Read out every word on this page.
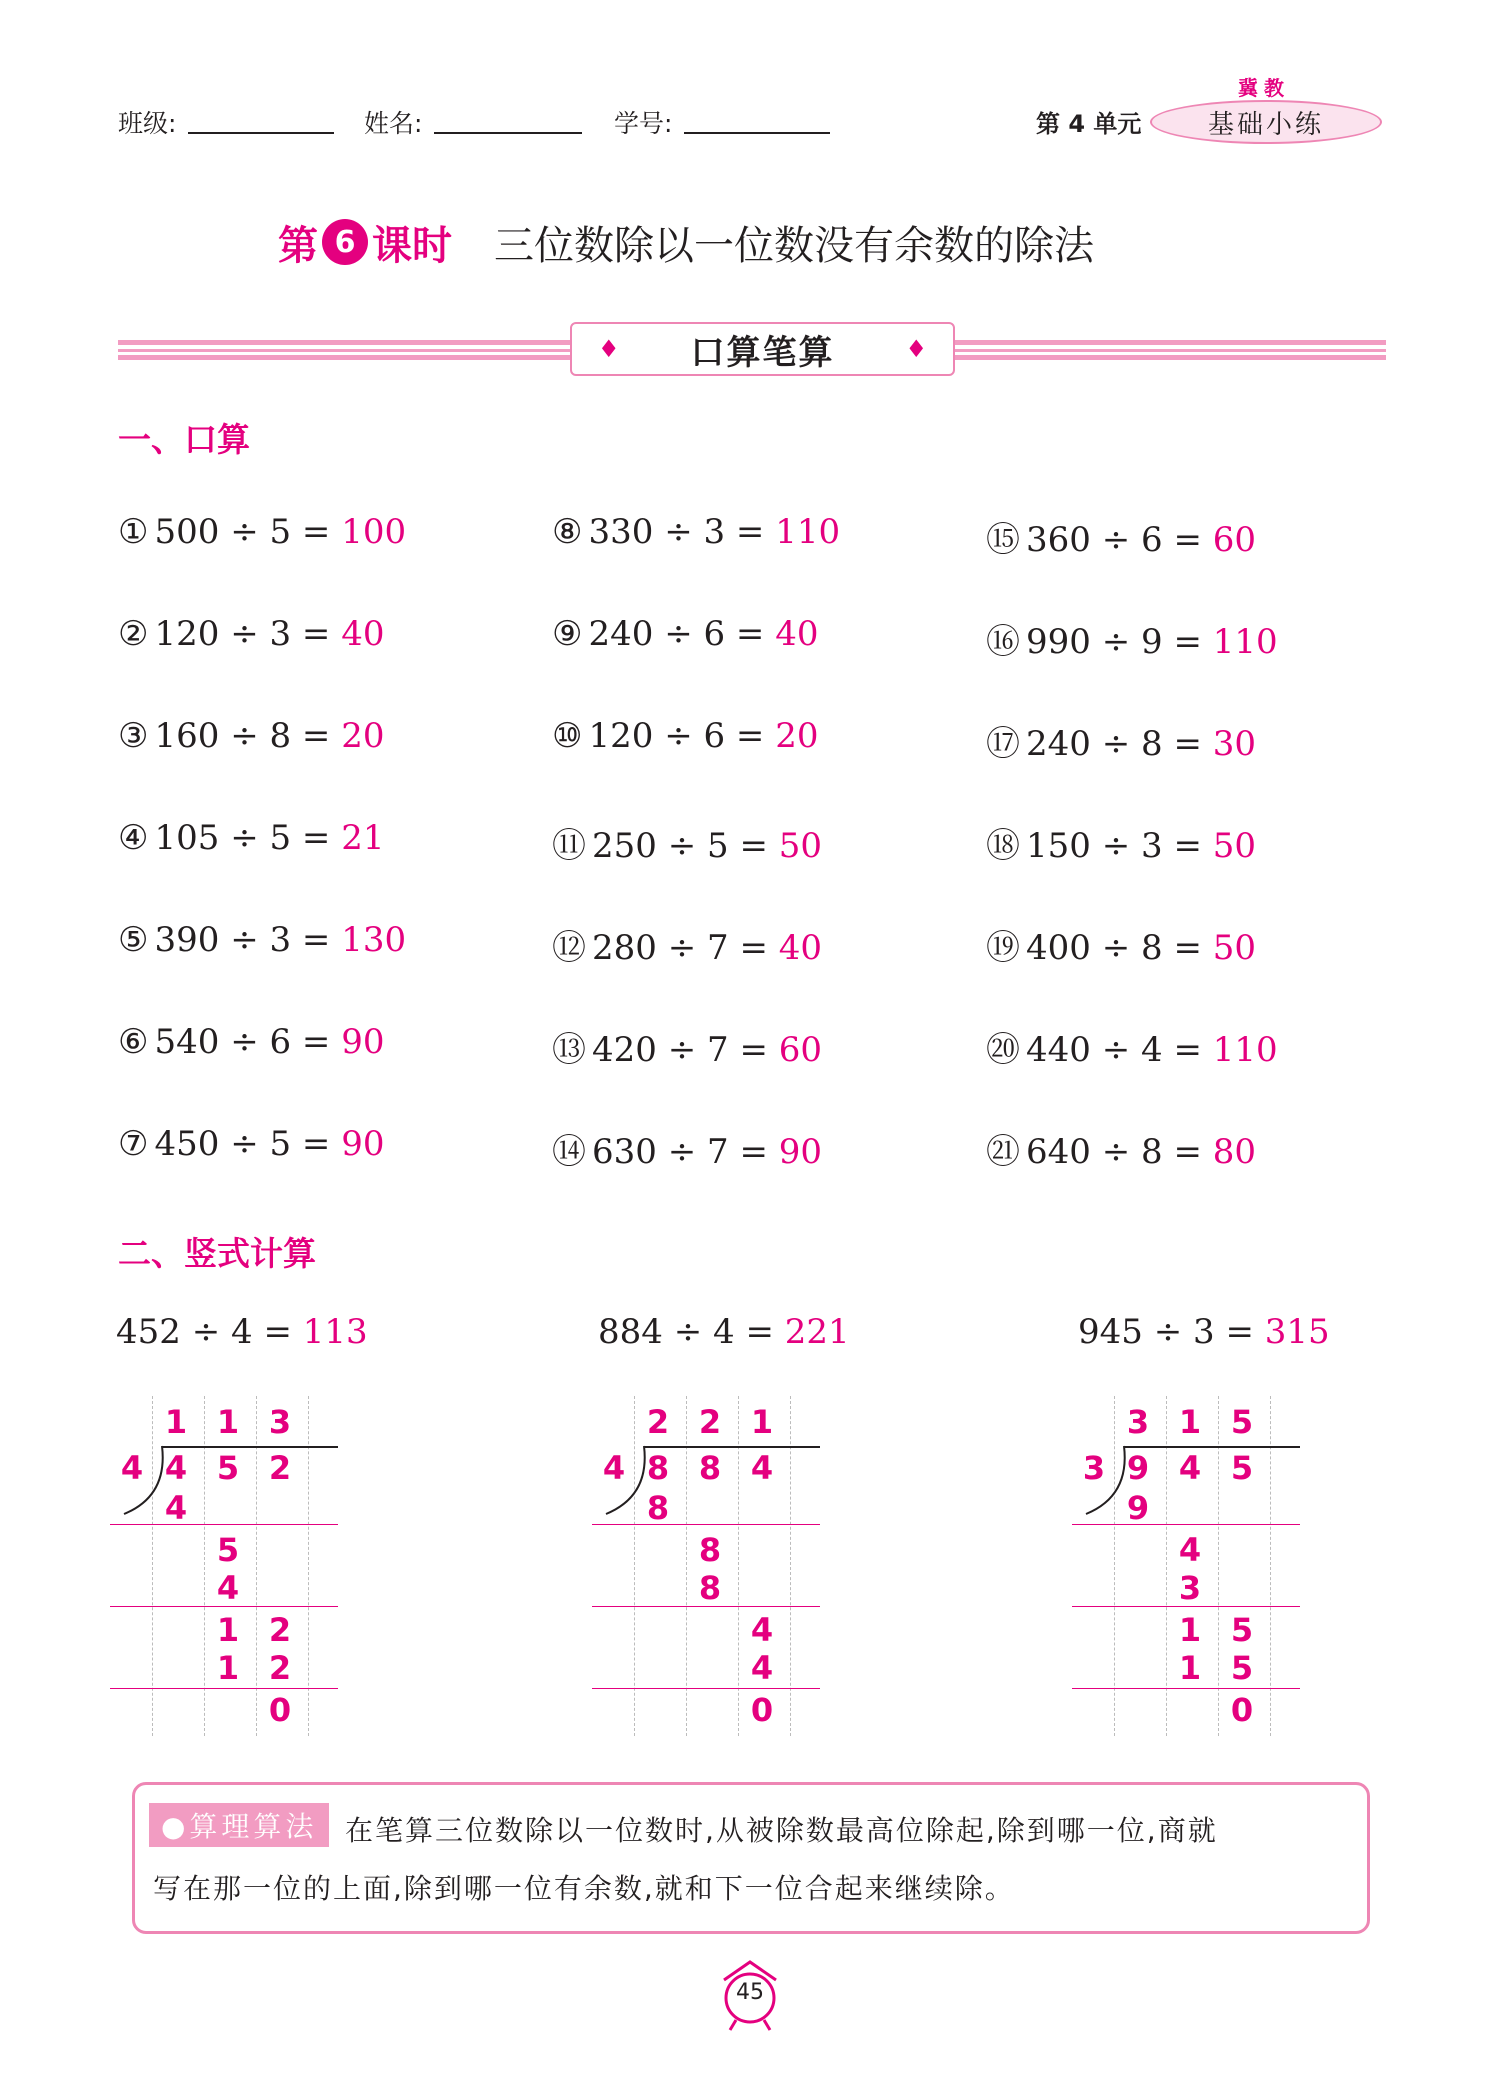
班级:	姓名:	学号:	第 4 单元
冀教
基础小练
第 6 课时 三位数除以一位数没有余数的除法
♦ 口算笔算	♦
一、口算
① 500 ÷ 5 = 100
② 120 ÷ 3 = 40
③ 160 ÷ 8 = 20
④ 105 ÷ 5 = 21
⑤ 390 ÷ 3 = 130
⑥ 540 ÷ 6 = 90
⑦ 450 ÷ 5 = 90
⑧ 330 ÷ 3 = 110
⑨ 240 ÷ 6 = 40
⑩ 120 ÷ 6 = 20
⑪ 250 ÷ 5 = 50
⑫ 280 ÷ 7 = 40
⑬ 420 ÷ 7 = 60
⑭ 630 ÷ 7 = 90
⑮ 360 ÷ 6 = 60
⑯ 990 ÷ 9 = 110
⑰ 240 ÷ 8 = 30
⑱ 150 ÷ 3 = 50
⑲ 400 ÷ 8 = 50
⑳ 440 ÷ 4 = 110
㉑ 640 ÷ 8 = 80
二、竖式计算
452 ÷ 4 = 113
4
1 1 3
4 5 2
4
5
4
1 2
1 2
0
884 ÷ 4 = 221
4
2 2 1
8 8 4
8
8
8
4
4
0
945 ÷ 3 = 315
3
3 1 5
9 4 5
9
4
3
1 5
1 5
0
●算理算法 在笔算三位数除以一位数时,从被除数最高位除起,除到哪一位,商就
写在那一位的上面,除到哪一位有余数,就和下一位合起来继续除。
45
